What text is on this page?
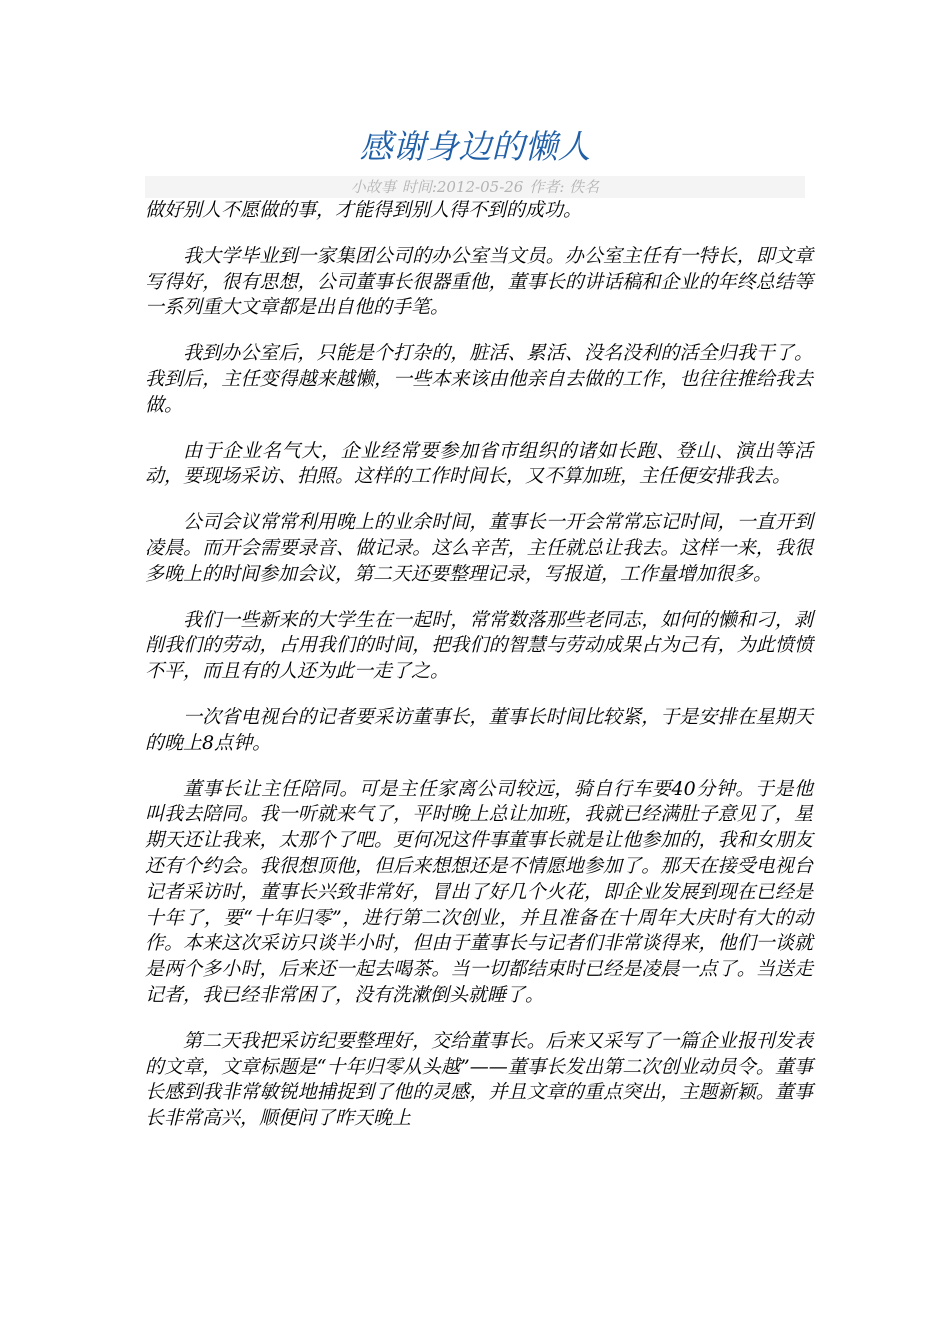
感谢身边的懒人
小故事 时间:2012-05-26 作者: 佚名

做好别人不愿做的事，才能得到别人得不到的成功。

我大学毕业到一家集团公司的办公室当文员。办公室主任有一特长，即文章写得好，很有思想，公司董事长很器重他，董事长的讲话稿和企业的年终总结等一系列重大文章都是出自他的手笔。

我到办公室后，只能是个打杂的，脏活、累活、没名没利的活全归我干了。我到后，主任变得越来越懒，一些本来该由他亲自去做的工作，也往往推给我去做。

由于企业名气大，企业经常要参加省市组织的诸如长跑、登山、演出等活动，要现场采访、拍照。这样的工作时间长，又不算加班，主任便安排我去。

公司会议常常利用晚上的业余时间，董事长一开会常常忘记时间，一直开到凌晨。而开会需要录音、做记录。这么辛苦，主任就总让我去。这样一来，我很多晚上的时间参加会议，第二天还要整理记录，写报道，工作量增加很多。

我们一些新来的大学生在一起时，常常数落那些老同志，如何的懒和刁，剥削我们的劳动，占用我们的时间，把我们的智慧与劳动成果占为己有，为此愤愤不平，而且有的人还为此一走了之。

一次省电视台的记者要采访董事长，董事长时间比较紧，于是安排在星期天的晚上8点钟。

董事长让主任陪同。可是主任家离公司较远，骑自行车要40分钟。于是他叫我去陪同。我一听就来气了，平时晚上总让加班，我就已经满肚子意见了，星期天还让我来，太那个了吧。更何况这件事董事长就是让他参加的，我和女朋友还有个约会。我很想顶他，但后来想想还是不情愿地参加了。那天在接受电视台记者采访时，董事长兴致非常好，冒出了好几个火花，即企业发展到现在已经是十年了，要“十年归零”，进行第二次创业，并且准备在十周年大庆时有大的动作。本来这次采访只谈半小时，但由于董事长与记者们非常谈得来，他们一谈就是两个多小时，后来还一起去喝茶。当一切都结束时已经是凌晨一点了。当送走记者，我已经非常困了，没有洗漱倒头就睡了。

第二天我把采访纪要整理好，交给董事长。后来又采写了一篇企业报刊发表的文章，文章标题是“十年归零从头越”——董事长发出第二次创业动员令。董事长感到我非常敏锐地捕捉到了他的灵感，并且文章的重点突出，主题新颖。董事长非常高兴，顺便问了昨天晚上
